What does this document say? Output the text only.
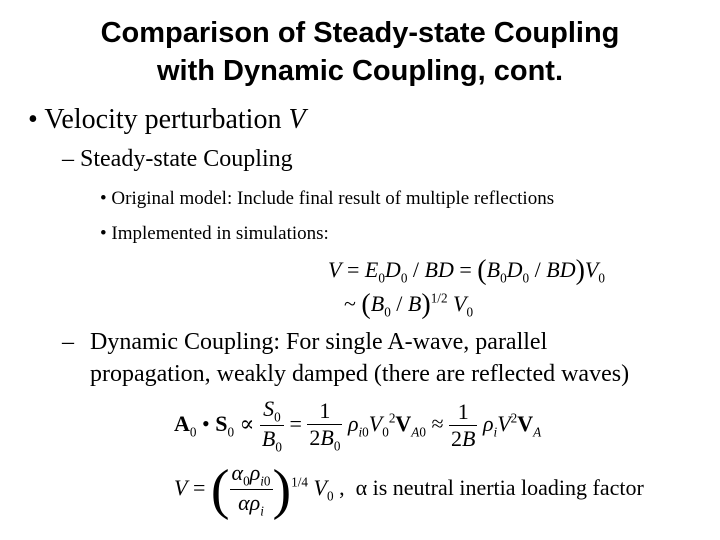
Comparison of Steady-state Coupling
with Dynamic Coupling, cont.
• Velocity perturbation V
– Steady-state Coupling
• Original model: Include final result of multiple reflections
• Implemented in simulations:
$V = E_0D_0$ / BD = $(B_0D_0 / BD)V_0$
~ $(B_0 / B)^{1/2}$ $V_0$
– Dynamic Coupling: For single A-wave, parallel propagation, weakly damped (there are reflected waves)
$A_0$ • $S_0 \propto \frac{S_0}{B_0} = \frac{1}{2B_0} \rho_{i0}V_0^2V_{A0} \approx \frac{1}{2B} \rho_iV^2V_A$
V = ( $\frac{\alpha_0\rho_{i0}}{\alpha\rho_i} )^{1/4}$ $V_0$ ,  α is neutral inertia loading factor
